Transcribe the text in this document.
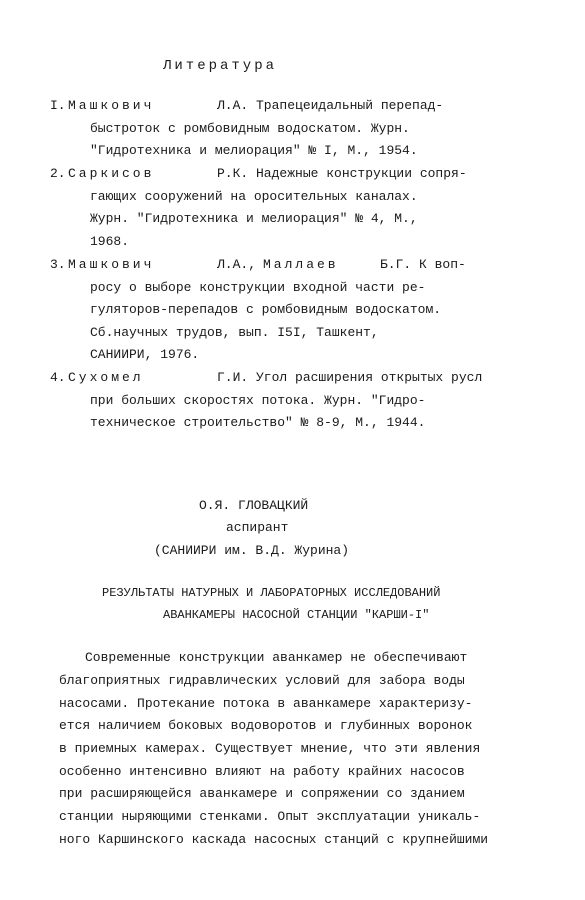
Литература
I. Машкович	Л.А. Трапецеидальный перепад-
быстроток с ромбовидным водоскатом. Журн.
"Гидротехника и мелиорация" № I, М., 1954.
2. Саркисов	Р.К. Надежные конструкции сопря-
гающих сооружений на оросительных каналах.
Журн. "Гидротехника и мелиорация" № 4, М.,
1968.
3. Машкович	Л.А., Маллаев	Б.Г. К воп-
росу о выборе конструкции входной части ре-
гуляторов-перепадов с ромбовидным водоскатом.
Сб.научных трудов, вып. I5I, Ташкент,
САНИИРИ, 1976.
4. Сухомел	Г.И. Угол расширения открытых русл
при больших скоростях потока. Журн. "Гидро-
техническое строительство" № 8-9, М., 1944.
О.Я. ГЛОВАЦКИЙ
аспирант
(САНИИРИ им. В.Д. Журина)
РЕЗУЛЬТАТЫ НАТУРНЫХ И ЛАБОРАТОРНЫХ ИССЛЕДОВАНИЙ
АВАНКАМЕРЫ НАСОСНОЙ СТАНЦИИ "КАРШИ-I"
Современные конструкции аванкамер не обеспечивают
благоприятных гидравлических условий для забора воды
насосами. Протекание потока в аванкамере характеризу-
ется наличием боковых водоворотов и глубинных воронок
в приемных камерах. Существует мнение, что эти явления
особенно интенсивно влияют на работу крайних насосов
при расширяющейся аванкамере и сопряжении со зданием
станции ныряющими стенками. Опыт эксплуатации уникаль-
ного Каршинского каскада насосных станций с крупнейшими
